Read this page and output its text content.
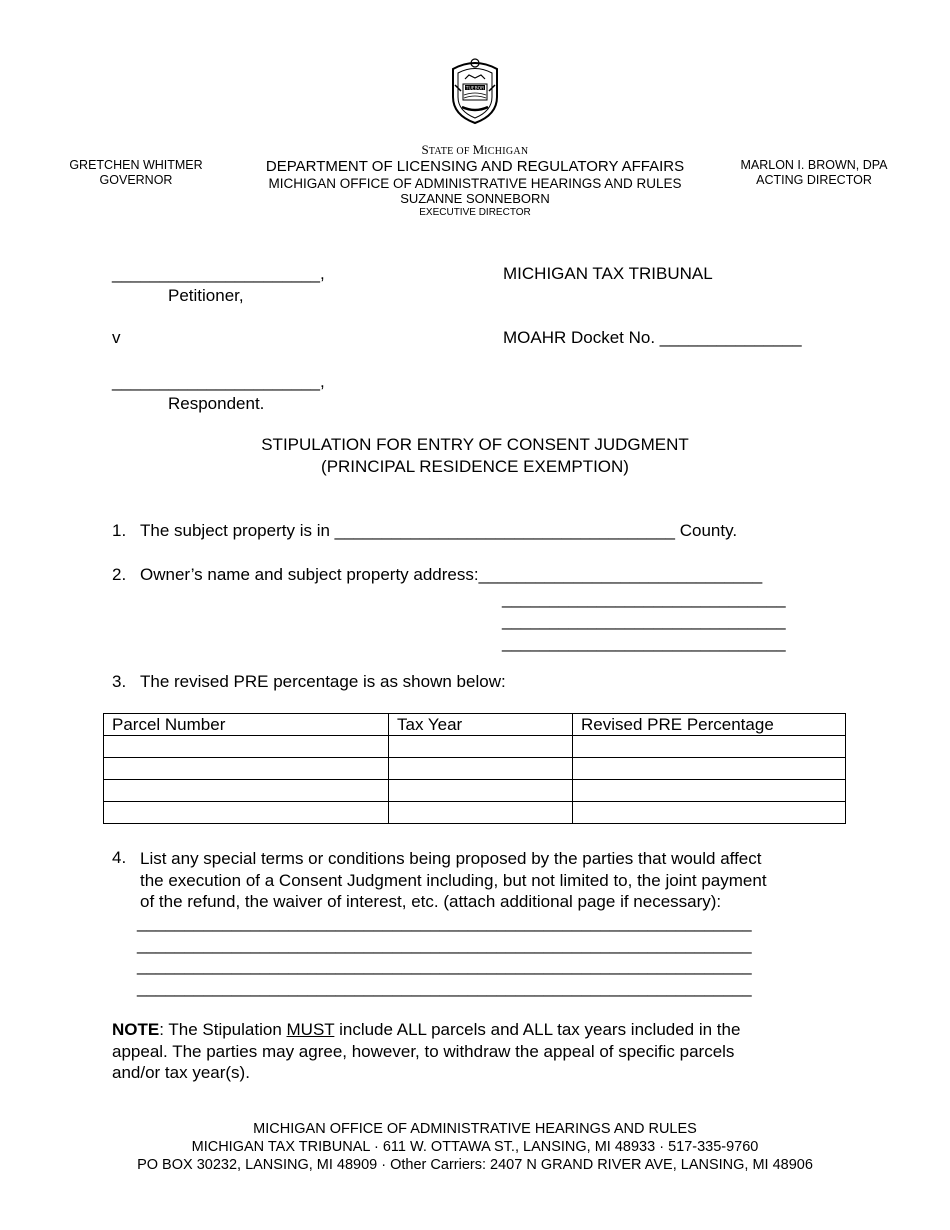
TUEBOR
STATE OF MICHIGAN
DEPARTMENT OF LICENSING AND REGULATORY AFFAIRS
MICHIGAN OFFICE OF ADMINISTRATIVE HEARINGS AND RULES
SUZANNE SONNEBORN
EXECUTIVE DIRECTOR
GRETCHEN WHITMER
GOVERNOR
MARLON I. BROWN, DPA
ACTING DIRECTOR
______________________,
Petitioner,
MICHIGAN TAX TRIBUNAL
v	MOAHR Docket No. _______________
______________________,
Respondent.
STIPULATION FOR ENTRY OF CONSENT JUDGMENT
(PRINCIPAL RESIDENCE EXEMPTION)
1. The subject property is in ____________________________________ County.
2. Owner’s name and subject property address:______________________________
______________________________
______________________________
______________________________
3. The revised PRE percentage is as shown below:
Parcel Number	Tax Year	Revised PRE Percentage

4. List any special terms or conditions being proposed by the parties that would affect
the execution of a Consent Judgment including, but not limited to, the joint payment
of the refund, the waiver of interest, etc. (attach additional page if necessary):
_________________________________________________________________
_________________________________________________________________
_________________________________________________________________
_________________________________________________________________
NOTE: The Stipulation MUST include ALL parcels and ALL tax years included in the
appeal. The parties may agree, however, to withdraw the appeal of specific parcels
and/or tax year(s).
MICHIGAN OFFICE OF ADMINISTRATIVE HEARINGS AND RULES
MICHIGAN TAX TRIBUNAL · 611 W. OTTAWA ST., LANSING, MI 48933 · 517-335-9760
PO BOX 30232, LANSING, MI 48909 · Other Carriers: 2407 N GRAND RIVER AVE, LANSING, MI 48906
